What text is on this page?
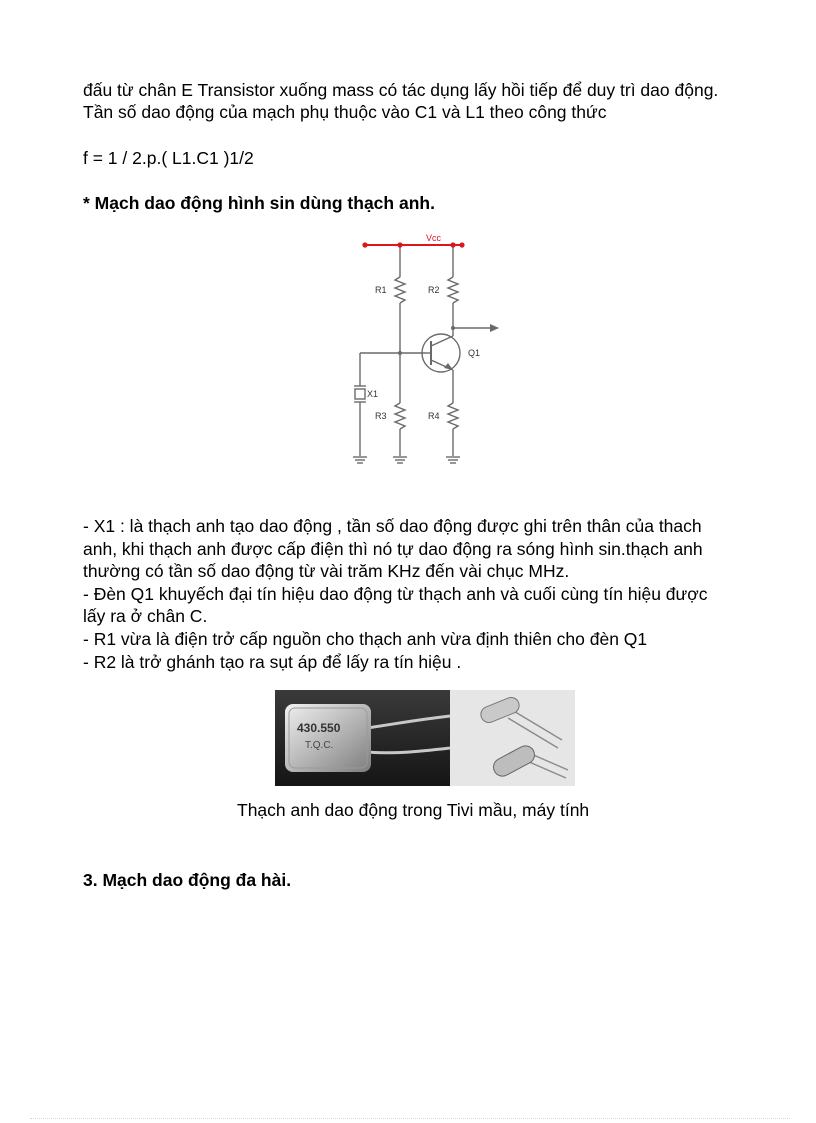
đấu từ chân E Transistor xuống mass có tác dụng lấy hồi tiếp để duy trì dao động.
Tần số dao động của mạch phụ thuộc vào C1 và L1 theo công thức
f = 1 / 2.p.( L1.C1 )1/2
* Mạch dao động hình sin dùng thạch anh.
Vcc
R1	R2
Q1
X1
R3	R4
- X1 : là thạch anh tạo dao động , tần số dao động được ghi trên thân của thach
anh, khi thạch anh được cấp điện thì nó tự dao động ra sóng hình sin.thạch anh
thường có tần số dao động từ vài trăm KHz đến vài chục MHz.
- Đèn Q1 khuyếch đại tín hiệu dao động từ thạch anh và cuối cùng tín hiệu được
lấy ra ở chân C.
- R1 vừa là điện trở cấp nguồn cho thạch anh vừa định thiên cho đèn Q1
- R2 là trở ghánh tạo ra sụt áp để lấy ra tín hiệu .
430.550
T.Q.C.
Thạch anh dao động trong Tivi mầu, máy tính
3. Mạch dao động đa hài.
